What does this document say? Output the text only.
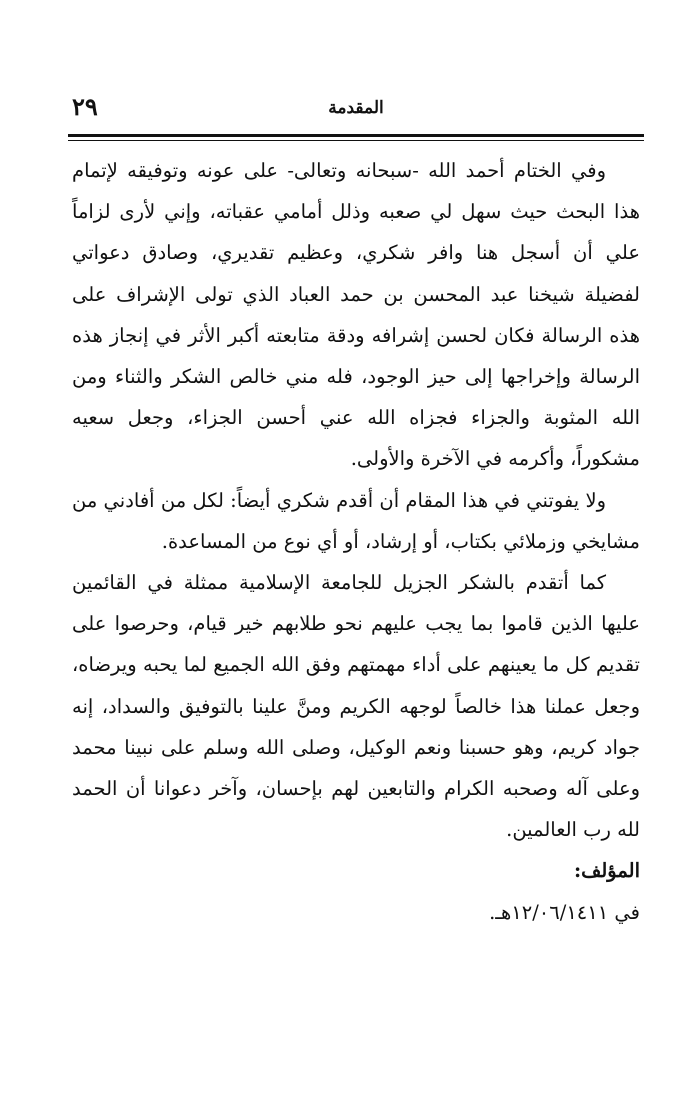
٢٩	المقدمة

وفي الختام أحمد الله -سبحانه وتعالى- على عونه وتوفيقه لإتمام هذا البحث حيث سهل لي صعبه وذلل أمامي عقباته، وإني لأرى لزاماً علي أن أسجل هنا وافر شكري، وعظيم تقديري، وصادق دعواتي لفضيلة شيخنا عبد المحسن بن حمد العباد الذي تولى الإشراف على هذه الرسالة فكان لحسن إشرافه ودقة متابعته أكبر الأثر في إنجاز هذه الرسالة وإخراجها إلى حيز الوجود، فله مني خالص الشكر والثناء ومن الله المثوبة والجزاء فجزاه الله عني أحسن الجزاء، وجعل سعيه مشكوراً، وأكرمه في الآخرة والأولى.

ولا يفوتني في هذا المقام أن أقدم شكري أيضاً: لكل من أفادني من مشايخي وزملائي بكتاب، أو إرشاد، أو أي نوع من المساعدة.

كما أتقدم بالشكر الجزيل للجامعة الإسلامية ممثلة في القائمين عليها الذين قاموا بما يجب عليهم نحو طلابهم خير قيام، وحرصوا على تقديم كل ما يعينهم على أداء مهمتهم وفق الله الجميع لما يحبه ويرضاه، وجعل عملنا هذا خالصاً لوجهه الكريم ومنَّ علينا بالتوفيق والسداد، إنه جواد كريم، وهو حسبنا ونعم الوكيل، وصلى الله وسلم على نبينا محمد وعلى آله وصحبه الكرام والتابعين لهم بإحسان، وآخر دعوانا أن الحمد لله رب العالمين.

المؤلف:

في ١٢/٠٦/١٤١١هـ.
